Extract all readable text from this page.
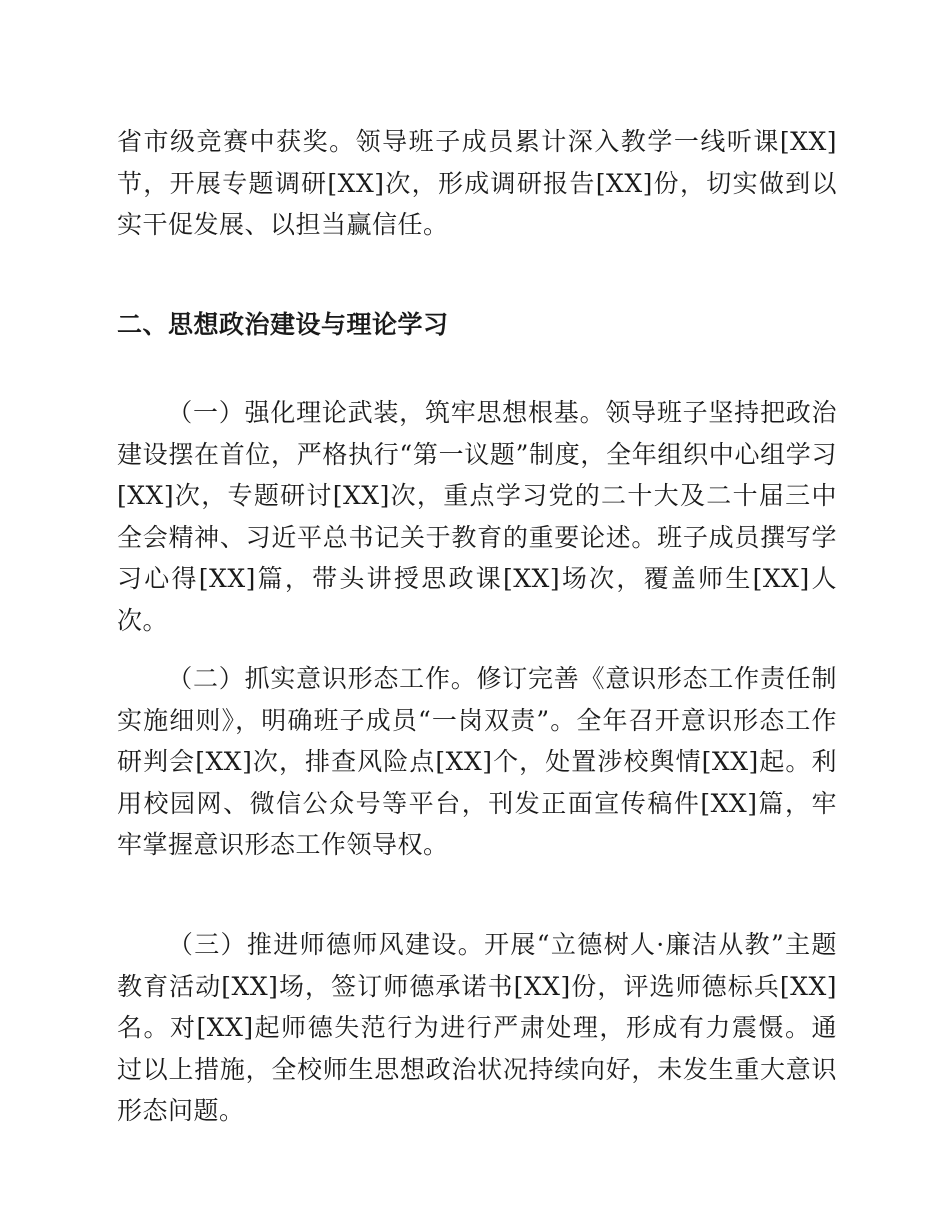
省市级竞赛中获奖。领导班子成员累计深入教学一线听课[XX]节，开展专题调研[XX]次，形成调研报告[XX]份，切实做到以实干促发展、以担当赢信任。

二、思想政治建设与理论学习

（一）强化理论武装，筑牢思想根基。领导班子坚持把政治建设摆在首位，严格执行“第一议题”制度，全年组织中心组学习[XX]次，专题研讨[XX]次，重点学习党的二十大及二十届三中全会精神、习近平总书记关于教育的重要论述。班子成员撰写学习心得[XX]篇，带头讲授思政课[XX]场次，覆盖师生[XX]人次。

（二）抓实意识形态工作。修订完善《意识形态工作责任制实施细则》，明确班子成员“一岗双责”。全年召开意识形态工作研判会[XX]次，排查风险点[XX]个，处置涉校舆情[XX]起。利用校园网、微信公众号等平台，刊发正面宣传稿件[XX]篇，牢牢掌握意识形态工作领导权。

（三）推进师德师风建设。开展“立德树人·廉洁从教”主题教育活动[XX]场，签订师德承诺书[XX]份，评选师德标兵[XX]名。对[XX]起师德失范行为进行严肃处理，形成有力震慑。通过以上措施，全校师生思想政治状况持续向好，未发生重大意识形态问题。
